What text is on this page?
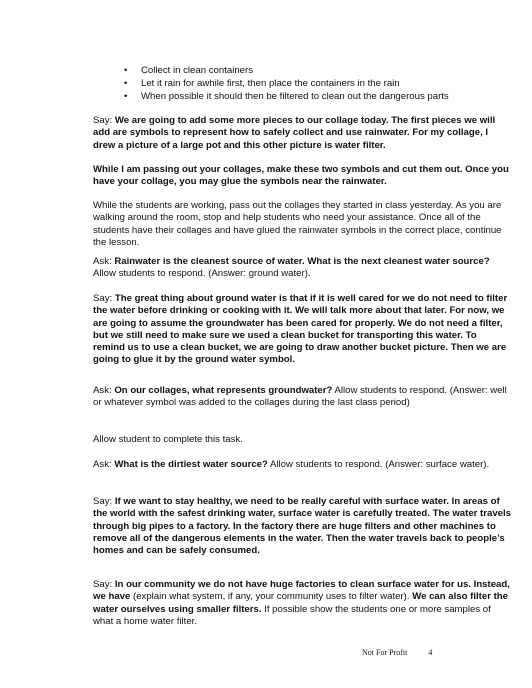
• Collect in clean containers
• Let it rain for awhile first, then place the containers in the rain
• When possible it should then be filtered to clean out the dangerous parts

Say: We are going to add some more pieces to our collage today. The first pieces we will add are symbols to represent how to safely collect and use rainwater. For my collage, I drew a picture of a large pot and this other picture is water filter.

While I am passing out your collages, make these two symbols and cut them out. Once you have your collage, you may glue the symbols near the rainwater.

While the students are working, pass out the collages they started in class yesterday. As you are walking around the room, stop and help students who need your assistance. Once all of the students have their collages and have glued the rainwater symbols in the correct place, continue the lesson.

Ask: Rainwater is the cleanest source of water. What is the next cleanest water source? Allow students to respond. (Answer: ground water).

Say: The great thing about ground water is that if it is well cared for we do not need to filter the water before drinking or cooking with it. We will talk more about that later. For now, we are going to assume the groundwater has been cared for properly. We do not need a filter, but we still need to make sure we used a clean bucket for transporting this water. To remind us to use a clean bucket, we are going to draw another bucket picture. Then we are going to glue it by the ground water symbol.

Ask: On our collages, what represents groundwater? Allow students to respond. (Answer: well or whatever symbol was added to the collages during the last class period)

Allow student to complete this task.

Ask: What is the dirtiest water source? Allow students to respond. (Answer: surface water).

Say: If we want to stay healthy, we need to be really careful with surface water. In areas of the world with the safest drinking water, surface water is carefully treated. The water travels through big pipes to a factory. In the factory there are huge filters and other machines to remove all of the dangerous elements in the water. Then the water travels back to people’s homes and can be safely consumed.

Say: In our community we do not have huge factories to clean surface water for us. Instead, we have (explain what system, if any, your community uses to filter water). We can also filter the water ourselves using smaller filters. If possible show the students one or more samples of what a home water filter.

Not For Profit	4
